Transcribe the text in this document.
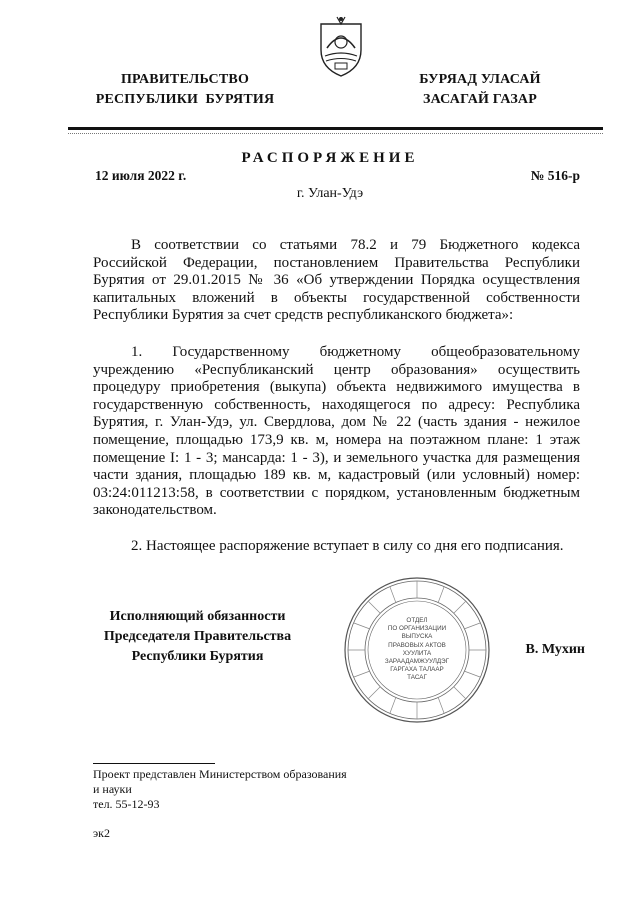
ПРАВИТЕЛЬСТВО
РЕСПУБЛИКИ  БУРЯТИЯ
БУРЯАД УЛАСАЙ
ЗАСАГАЙ ГАЗАР
РАСПОРЯЖЕНИЕ
12 июля 2022 г.	№ 516-р
г. Улан-Удэ

В соответствии со статьями 78.2 и 79 Бюджетного кодекса Российской Федерации, постановлением Правительства Республики Бурятия от 29.01.2015 № 36 «Об утверждении Порядка осуществления капитальных вложений в объекты государственной собственности Республики Бурятия за счет средств республиканского бюджета»:

1. Государственному бюджетному общеобразовательному учреждению «Республиканский центр образования» осуществить процедуру приобретения (выкупа) объекта недвижимого имущества в государственную собственность, находящегося по адресу: Республика Бурятия, г. Улан-Удэ, ул. Свердлова, дом № 22 (часть здания - нежилое помещение, площадью 173,9 кв. м, номера на поэтажном плане: 1 этаж помещение I: 1 - 3; мансарда: 1 - 3), и земельного участка для размещения части здания, площадью 189 кв. м, кадастровый (или условный) номер: 03:24:011213:58, в соответствии с порядком, установленным бюджетным законодательством.

2. Настоящее распоряжение вступает в силу со дня его подписания.

Исполняющий обязанности
Председателя Правительства
Республики Бурятия	В. Мухин
ОТДЕЛ
ПО ОРГАНИЗАЦИИ
ВЫПУСКА
ПРАВОВЫХ АКТОВ
ХУУЛИТА
ЗАРААДАМЖУУЛДЭГ
ГАРГАХА ТАЛААР
ТАСАГ
Проект представлен Министерством образования
и науки
тел. 55-12-93
эк2
